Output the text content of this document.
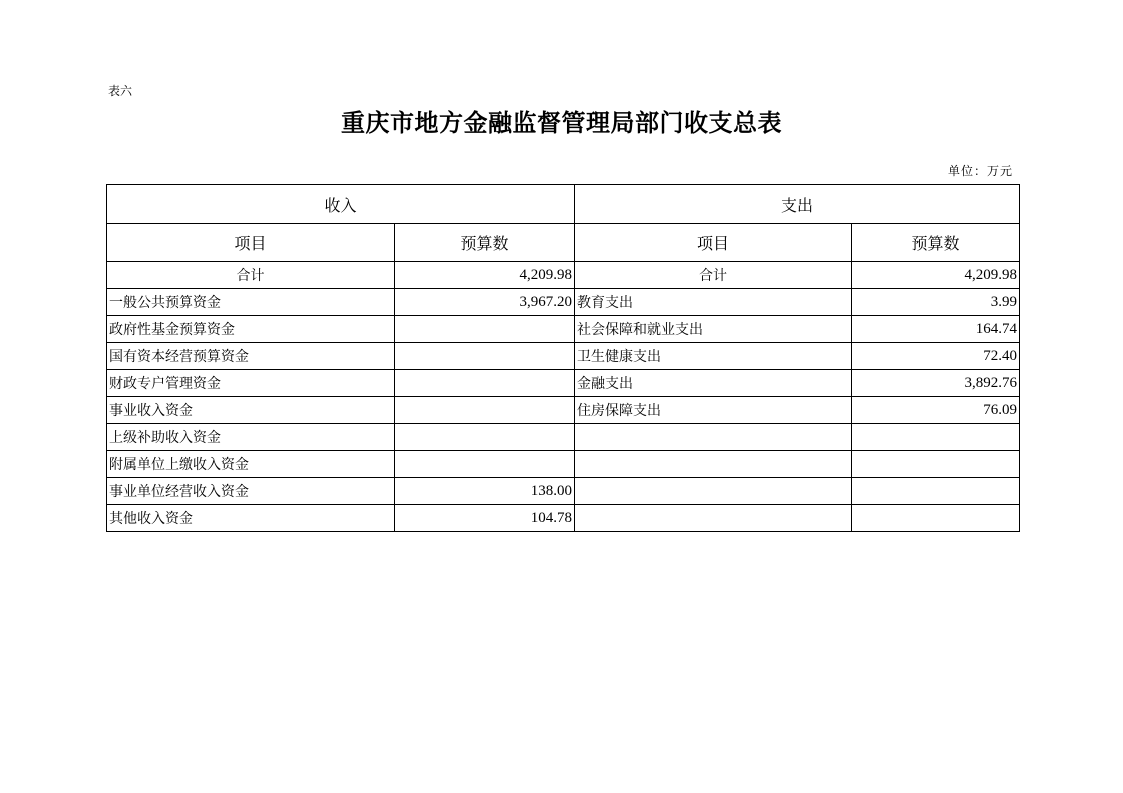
表六
重庆市地方金融监督管理局部门收支总表
单位：万元
收入		支出	
项目	预算数	项目	预算数
合计	4,209.98	合计	4,209.98
一般公共预算资金	3,967.20	教育支出	3.99
政府性基金预算资金		社会保障和就业支出	164.74
国有资本经营预算资金		卫生健康支出	72.40
财政专户管理资金		金融支出	3,892.76
事业收入资金		住房保障支出	76.09
上级补助收入资金			
附属单位上缴收入资金			
事业单位经营收入资金	138.00		
其他收入资金	104.78		
